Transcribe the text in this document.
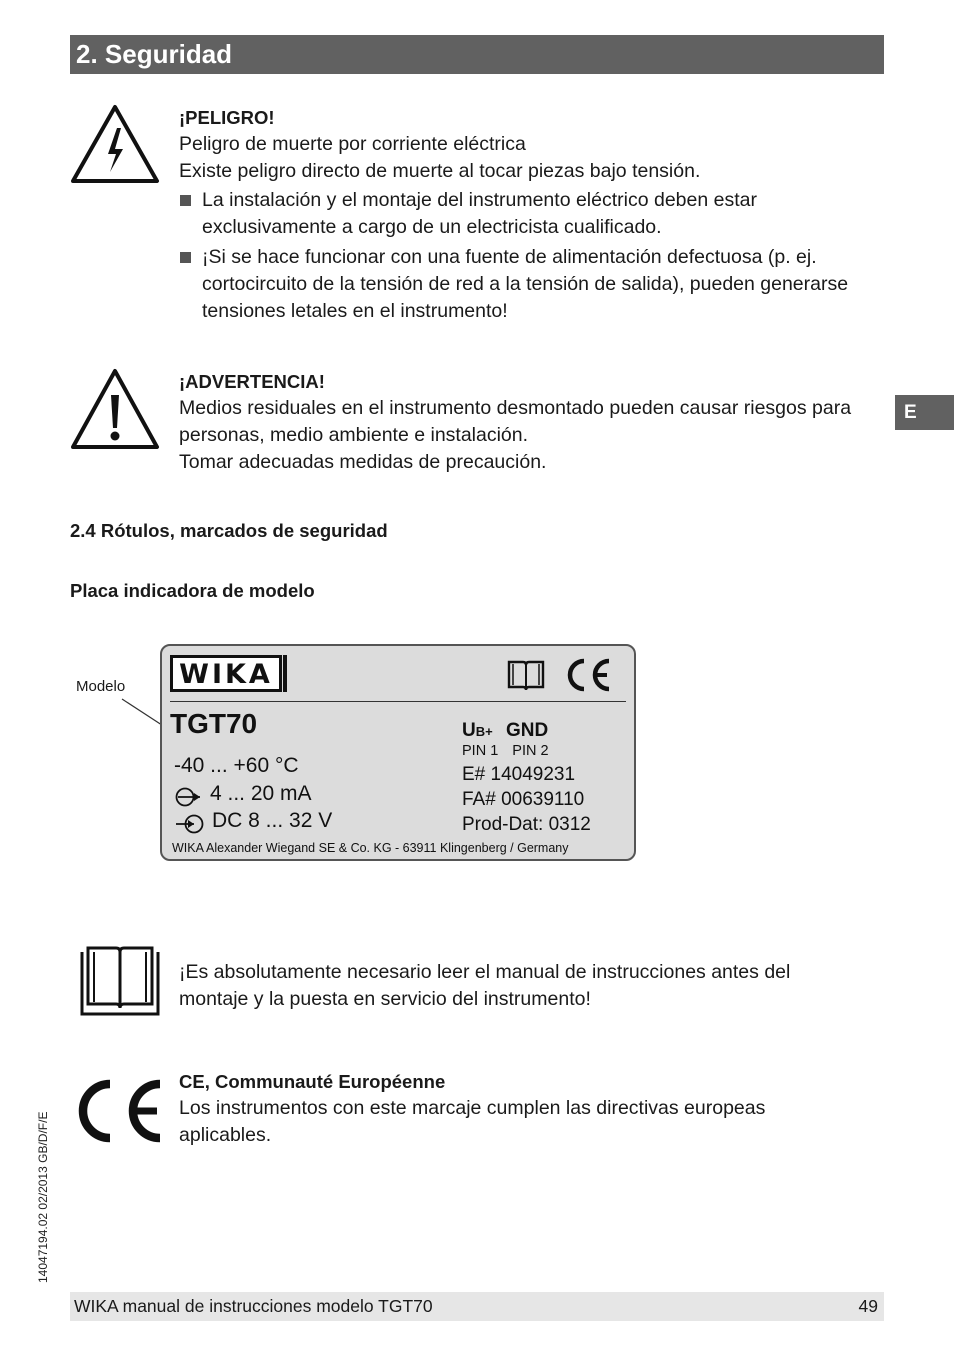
2. Seguridad
E

¡PELIGRO!

Peligro de muerte por corriente eléctrica

Existe peligro directo de muerte al tocar piezas bajo tensión.

La instalación y el montaje del instrumento eléctrico deben estar exclusivamente a cargo de un electricista cualificado.

¡Si se hace funcionar con una fuente de alimentación defectuosa (p. ej. cortocircuito de la tensión de red a la tensión de salida), pueden generarse tensiones letales en el instrumento!

¡ADVERTENCIA!

Medios residuales en el instrumento desmontado pueden causar riesgos para personas, medio ambiente e instalación.

Tomar adecuadas medidas de precaución.

2.4 Rótulos, marcados de seguridad
Placa indicadora de modelo
Modelo	WIKA
TGT70
-40 ... +60 °C
4 ... 20 mA
DC 8 ... 32 V
UB+ GND
PIN 1 PIN 2
E# 14049231
FA# 00639110
Prod-Dat: 0312
WIKA Alexander Wiegand SE & Co. KG - 63911 Klingenberg / Germany

¡Es absolutamente necesario leer el manual de instrucciones antes del montaje y la puesta en servicio del instrumento!

CE, Communauté Européenne

Los instrumentos con este marcaje cumplen las directivas europeas aplicables.

14047194.02 02/2013 GB/D/F/E
WIKA manual de instrucciones modelo TGT70	49
